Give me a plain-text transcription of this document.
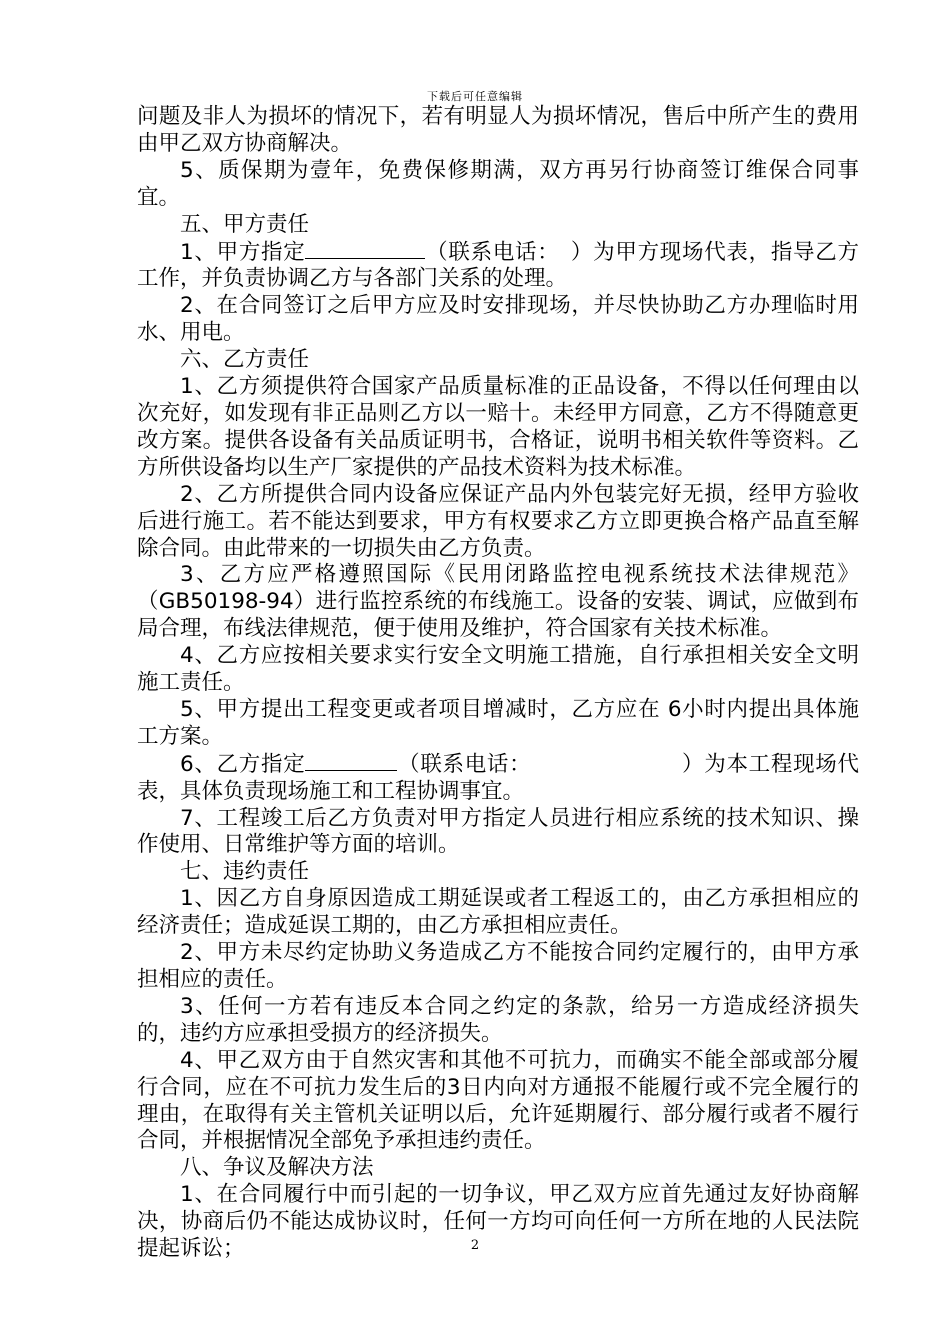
下载后可任意编辑

问题及非人为损坏的情况下，若有明显人为损坏情况，售后中所产生的费用由甲乙双方协商解决。

5、质保期为壹年，免费保修期满，双方再另行协商签订维保合同事宜。

五、甲方责任

1、甲方指定	（联系电话：　）为甲方现场代表，指导乙方工作，并负责协调乙方与各部门关系的处理。

2、在合同签订之后甲方应及时安排现场，并尽快协助乙方办理临时用水、用电。

六、乙方责任

1、乙方须提供符合国家产品质量标准的正品设备，不得以任何理由以次充好，如发现有非正品则乙方以一赔十。未经甲方同意，乙方不得随意更改方案。提供各设备有关品质证明书，合格证，说明书相关软件等资料。乙方所供设备均以生产厂家提供的产品技术资料为技术标准。

2、乙方所提供合同内设备应保证产品内外包装完好无损，经甲方验收后进行施工。若不能达到要求，甲方有权要求乙方立即更换合格产品直至解除合同。由此带来的一切损失由乙方负责。

3、乙方应严格遵照国际《民用闭路监控电视系统技术法律规范》（GB50198-94）进行监控系统的布线施工。设备的安装、调试，应做到布局合理，布线法律规范，便于使用及维护，符合国家有关技术标准。

4、乙方应按相关要求实行安全文明施工措施，自行承担相关安全文明施工责任。

5、甲方提出工程变更或者项目增减时，乙方应在 6小时内提出具体施工方案。

6、乙方指定	（联系电话：	）为本工程现场代表，具体负责现场施工和工程协调事宜。

7、工程竣工后乙方负责对甲方指定人员进行相应系统的技术知识、操作使用、日常维护等方面的培训。

七、违约责任

1、因乙方自身原因造成工期延误或者工程返工的，由乙方承担相应的经济责任；造成延误工期的，由乙方承担相应责任。

2、甲方未尽约定协助义务造成乙方不能按合同约定履行的，由甲方承担相应的责任。

3、任何一方若有违反本合同之约定的条款，给另一方造成经济损失的，违约方应承担受损方的经济损失。

4、甲乙双方由于自然灾害和其他不可抗力，而确实不能全部或部分履行合同，应在不可抗力发生后的3日内向对方通报不能履行或不完全履行的理由，在取得有关主管机关证明以后，允许延期履行、部分履行或者不履行合同，并根据情况全部免予承担违约责任。

八、争议及解决方法

1、在合同履行中而引起的一切争议，甲乙双方应首先通过友好协商解决，协商后仍不能达成协议时，任何一方均可向任何一方所在地的人民法院提起诉讼；	2
